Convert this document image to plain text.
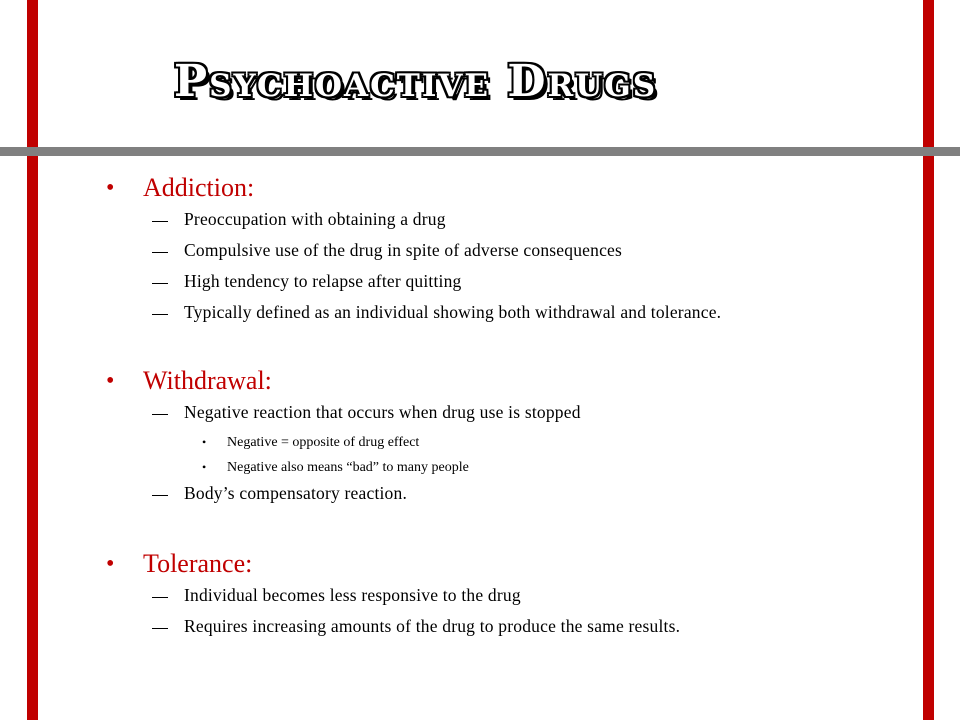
Psychoactive Drugs
• Addiction:
Preoccupation with obtaining a drug
Compulsive use of the drug in spite of adverse consequences
High tendency to relapse after quitting
Typically defined as an individual showing both withdrawal and tolerance.
• Withdrawal:
Negative reaction that occurs when drug use is stopped
• Negative = opposite of drug effect
• Negative also means “bad” to many people
Body’s compensatory reaction.
• Tolerance:
Individual becomes less responsive to the drug
Requires increasing amounts of the drug to produce the same results.
